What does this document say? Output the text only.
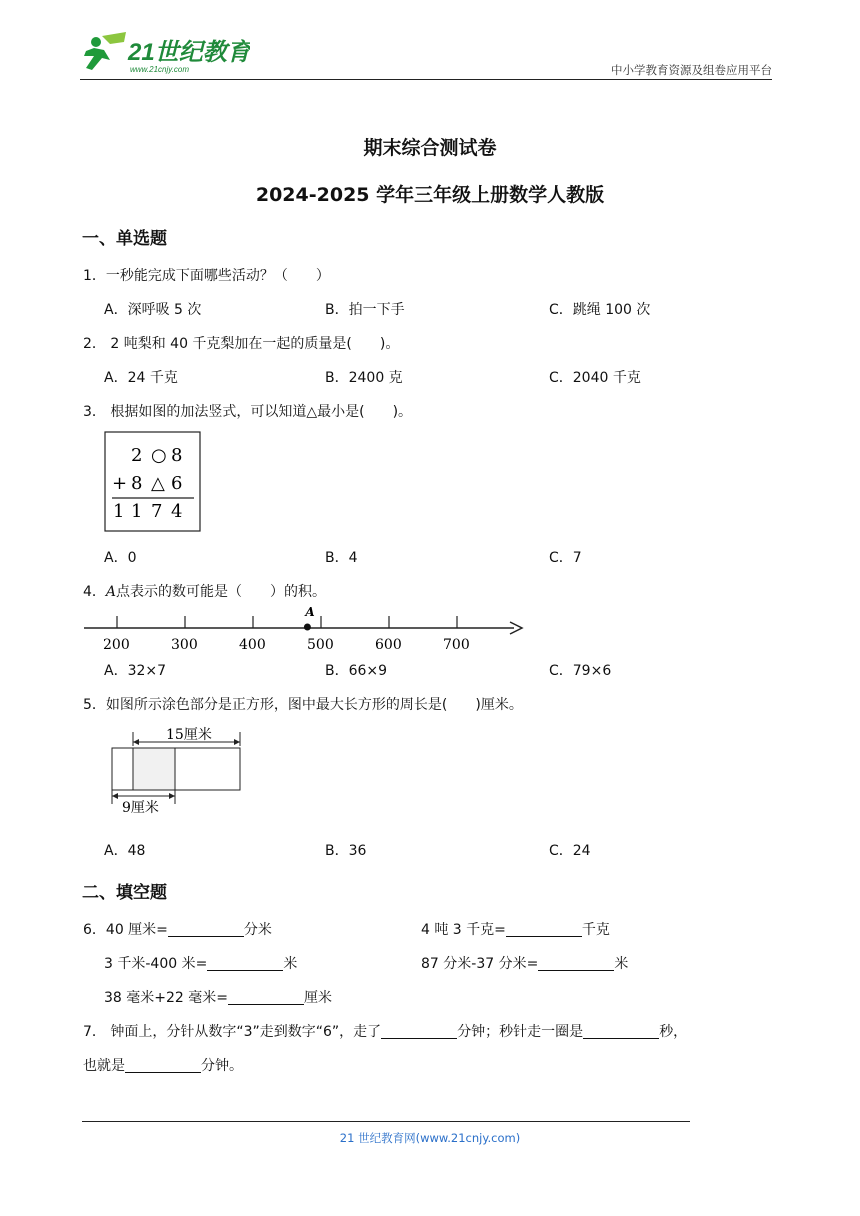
21世纪教育
www.21cnjy.com	中小学教育资源及组卷应用平台
期末综合测试卷
2024-2025 学年三年级上册数学人教版
一、单选题
1．一秒能完成下面哪些活动？（　　）
A．深呼吸 5 次	B．拍一下手	C．跳绳 100 次
2． 2 吨梨和 40 千克梨加在一起的质量是(　　)。
A．24 千克	B．2400 克	C．2040 千克
3． 根据如图的加法竖式，可以知道△最小是(　　)。
2 ○ 8
+ 8 △ 6
1 1 7 4
A．0	B．4	C．7
4．A点表示的数可能是（　　）的积。
200	300	400	500	600	700
A
A．32×7	B．66×9	C．79×6
5．如图所示涂色部分是正方形，图中最大长方形的周长是(　　)厘米。
15厘米
9厘米
A．48	B．36	C．24
二、填空题
6．40 厘米=	分米	4 吨 3 千克=	千克
3 千米-400 米=	米	87 分米-37 分米=	米
38 毫米+22 毫米=	厘米
7． 钟面上，分针从数字“3”走到数字“6”，走了	分钟；秒针走一圈是	秒，
也就是	分钟。
21 世纪教育网(www.21cnjy.com)
